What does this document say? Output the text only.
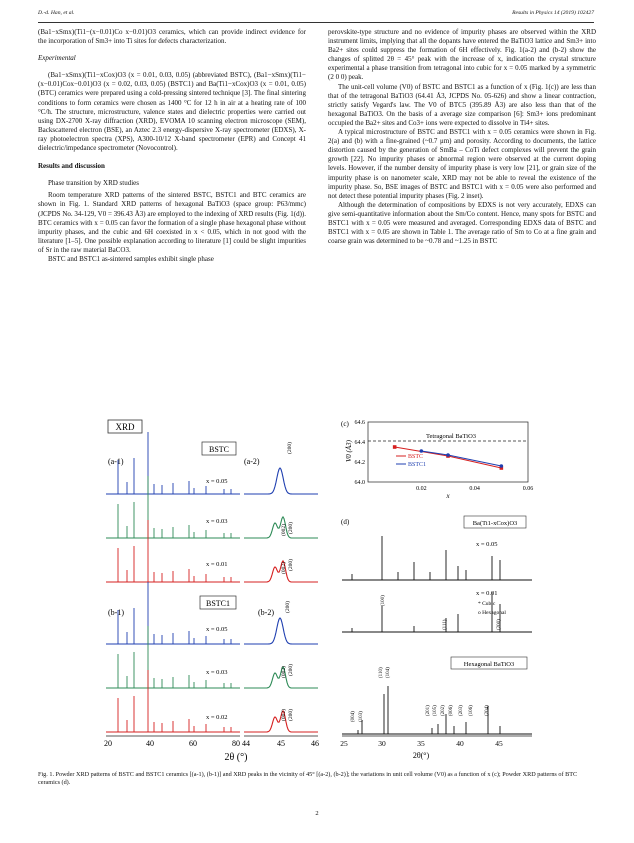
D.-d. Han, et al.	Results in Physics 14 (2019) 102427

(Ba1−xSmx)(Ti1−(x−0.01)Co x−0.01)O3 ceramics, which can provide indirect evidence for the incorporation of Sm3+ into Ti sites for defects characterization.

Experimental

(Ba1−xSmx)(Ti1−xCox)O3 (x = 0.01, 0.03, 0.05) (abbreviated BSTC), (Ba1−xSmx)(Ti1−(x−0.01)Cox−0.01)O3 (x = 0.02, 0.03, 0.05) (BSTC1) and Ba(Ti1−xCox)O3 (x = 0.01, 0.05) (BTC) ceramics were prepared using a cold-pressing sintered technique [3]. The final sintering conditions to form ceramics were chosen as 1400 °C for 12 h in air at a heating rate of 100 °C/h. The structure, microstructure, valence states and dielectric properties were carried out using DX-2700 X-ray diffraction (XRD), EVOMA 10 scanning electron microscope (SEM), Backscattered electron (BSE), an Aztec 2.3 energy-dispersive X-ray spectrometer (EDXS), X-ray photoelectron spectra (XPS), A300-10/12 X-band spectrometer (EPR) and Concept 41 dielectric/impedance spectrometer (Novocontrol).

Results and discussion
Phase transition by XRD studies

Room temperature XRD patterns of the sintered BSTC, BSTC1 and BTC ceramics are shown in Fig. 1. Standard XRD patterns of hexagonal BaTiO3 (space group: P63/mmc) (JCPDS No. 34-129, V0 = 396.43 Å3) are employed to the indexing of XRD results (Fig. 1(d)). BTC ceramics with x = 0.05 can favor the formation of a single phase hexagonal phase without impurity phases, and the cubic and 6H coexisted in x < 0.05, which in not good with the literature [1–5]. One possible explanation according to literature [1] could be slight impurities of Sr in the raw material BaCO3.

BSTC and BSTC1 as-sintered samples exhibit single phase

perovskite-type structure and no evidence of impurity phases are observed within the XRD instrument limits, implying that all the dopants have entered the BaTiO3 lattice and Sm3+ into Ba2+ sites could suppress the formation of 6H effectively. Fig. 1(a-2) and (b-2) show the changes of splitted 2θ = 45° peak with the increase of x, indication the crystal structure experimental a phase transition from tetragonal into cubic for x = 0.05 marked by a symmetric (2 0 0) peak.

The unit-cell volume (V0) of BSTC and BSTC1 as a function of x (Fig. 1(c)) are less than that of the tetragonal BaTiO3 (64.41 Å3, JCPDS No. 05-626) and show a linear contraction, strictly satisfy Vegard's law. The V0 of BTC5 (395.89 Å3) are also less than that of the hexagonal BaTiO3. On the basis of a average size comparison [6]: Sm3+ ions predominant occupied the Ba2+ sites and Co3+ ions were expected to dissolve in Ti4+ sites.

A typical microstructure of BSTC and BSTC1 with x = 0.05 ceramics were shown in Fig. 2(a) and (b) with a fine-grained (~0.7 μm) and porosity. According to documents, the lattice distortion caused by the generation of SmBa – CoTi defect complexes will prevent the grain growth [22]. No impurity phases or abnormal region were observed at the current doping levels. However, if the number density of impurity phase is very low [21], or grain size of the impurity phase is on nanometer scale, XRD may not be able to reveal the existence of the impurity phase. So, BSE images of BSTC and BSTC1 with x = 0.05 were also performed and not detect these potential impurity phases (Fig. 2 inset).

Although the determination of compositions by EDXS is not very accurately, EDXS can give semi-quantitative information about the Sm/Co content. Hence, many spots for BSTC and BSTC1 with x = 0.05 were measured and averaged. Corresponding EDXS data of BSTC and BSTC1 with x = 0.05 are shown in Table 1. The average ratio of Sm to Co at a fine grain and coarse grain was determined to be ~0.78 and ~1.25 in BSTC

XRD
(a-1)	(a-2)
(b-1)	(b-2)
BSTC
BSTC1
x = 0.05
x = 0.03
x = 0.01
x = 0.05
x = 0.03
x = 0.02
(200)
(200)
(002)
(002) (200)
(200)
(002) (200)
(002) (200)
20	40	60	80 44	45	46
2θ (°)
(c)
Tetragonal BaTiO3
64.0
64.2
64.4
64.6
0.02	0.04	0.06
V0 (Å3)
x
BSTC
BSTC1
(d)	Ba(Ti1-xCox)O3
x = 0.05
x = 0.01
* Cubic
o Hexagonal
Hexagonal BaTiO3
(004) (103)
(110) (104)
(201) (105) (202) (006) (203) (106) (204)
(100)
(111)	(200)
25	30	35	40	45
2θ(°)
Fig. 1. Powder XRD patterns of BSTC and BSTC1 ceramics [(a-1), (b-1)] and XRD peaks in the vicinity of 45° [(a-2), (b-2)]; the variations in unit cell volume (V0) as a function of x (c); Powder XRD patterns of BTC ceramics (d).
2
